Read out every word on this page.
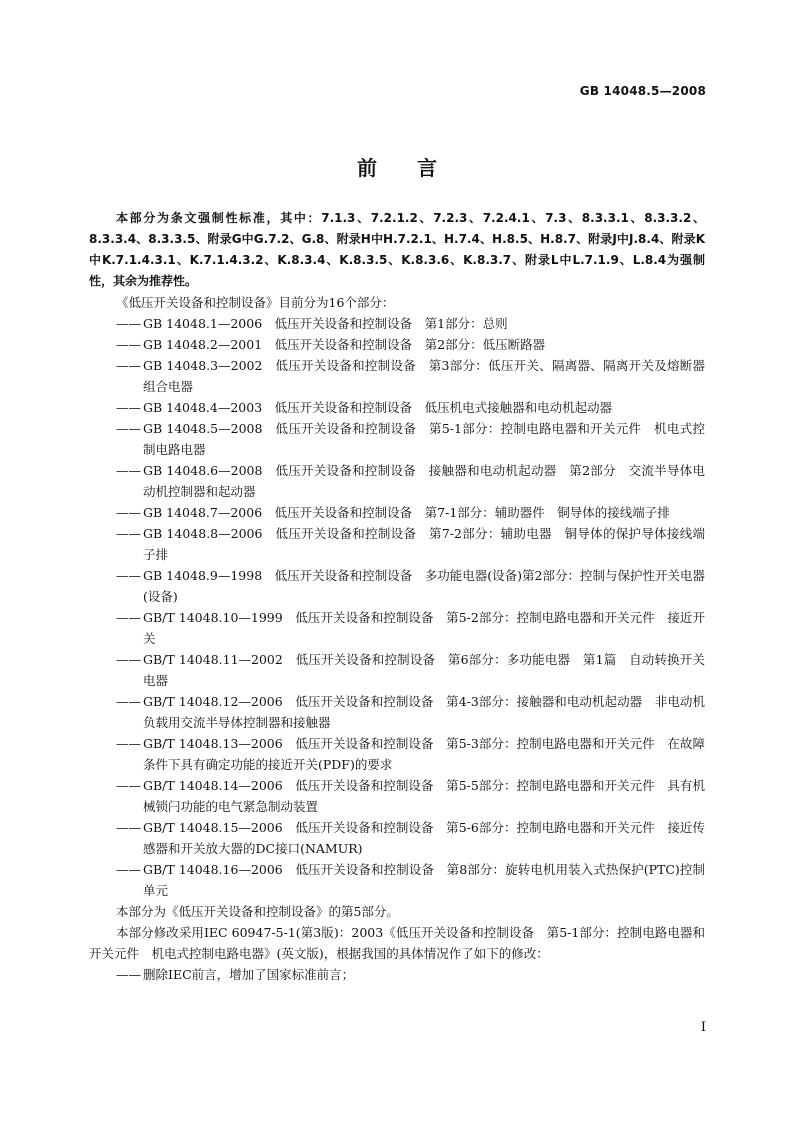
GB 14048.5—2008
前言

本部分为条文强制性标准，其中：7.1.3、7.2.1.2、7.2.3、7.2.4.1、7.3、8.3.3.1、8.3.3.2、8.3.3.4、8.3.3.5、附录G中G.7.2、G.8、附录H中H.7.2.1、H.7.4、H.8.5、H.8.7、附录J中J.8.4、附录K中K.7.1.4.3.1、K.7.1.4.3.2、K.8.3.4、K.8.3.5、K.8.3.6、K.8.3.7、附录L中L.7.1.9、L.8.4为强制性，其余为推荐性。

《低压开关设备和控制设备》目前分为16个部分：

—— GB 14048.1—2006　低压开关设备和控制设备　第1部分：总则
—— GB 14048.2—2001　低压开关设备和控制设备　第2部分：低压断路器
—— GB 14048.3—2002　低压开关设备和控制设备　第3部分：低压开关、隔离器、隔离开关及熔断器组合电器
—— GB 14048.4—2003　低压开关设备和控制设备　低压机电式接触器和电动机起动器
—— GB 14048.5—2008　低压开关设备和控制设备　第5-1部分：控制电路电器和开关元件　机电式控制电路电器
—— GB 14048.6—2008　低压开关设备和控制设备　接触器和电动机起动器　第2部分　交流半导体电动机控制器和起动器
—— GB 14048.7—2006　低压开关设备和控制设备　第7-1部分：辅助器件　铜导体的接线端子排
—— GB 14048.8—2006　低压开关设备和控制设备　第7-2部分：辅助电器　铜导体的保护导体接线端子排
—— GB 14048.9—1998　低压开关设备和控制设备　多功能电器(设备)第2部分：控制与保护性开关电器(设备)
—— GB/T 14048.10—1999　低压开关设备和控制设备　第5-2部分：控制电路电器和开关元件　接近开关
—— GB/T 14048.11—2002　低压开关设备和控制设备　第6部分：多功能电器　第1篇　自动转换开关电器
—— GB/T 14048.12—2006　低压开关设备和控制设备　第4-3部分：接触器和电动机起动器　非电动机负载用交流半导体控制器和接触器
—— GB/T 14048.13—2006　低压开关设备和控制设备　第5-3部分：控制电路电器和开关元件　在故障条件下具有确定功能的接近开关(PDF)的要求
—— GB/T 14048.14—2006　低压开关设备和控制设备　第5-5部分：控制电路电器和开关元件　具有机械锁闩功能的电气紧急制动装置
—— GB/T 14048.15—2006　低压开关设备和控制设备　第5-6部分：控制电路电器和开关元件　接近传感器和开关放大器的DC接口(NAMUR)
—— GB/T 14048.16—2006　低压开关设备和控制设备　第8部分：旋转电机用装入式热保护(PTC)控制单元

本部分为《低压开关设备和控制设备》的第5部分。

本部分修改采用IEC 60947-5-1(第3版)：2003《低压开关设备和控制设备　第5-1部分：控制电路电器和开关元件　机电式控制电路电器》(英文版)，根据我国的具体情况作了如下的修改：

—— 删除IEC前言，增加了国家标准前言；
I
